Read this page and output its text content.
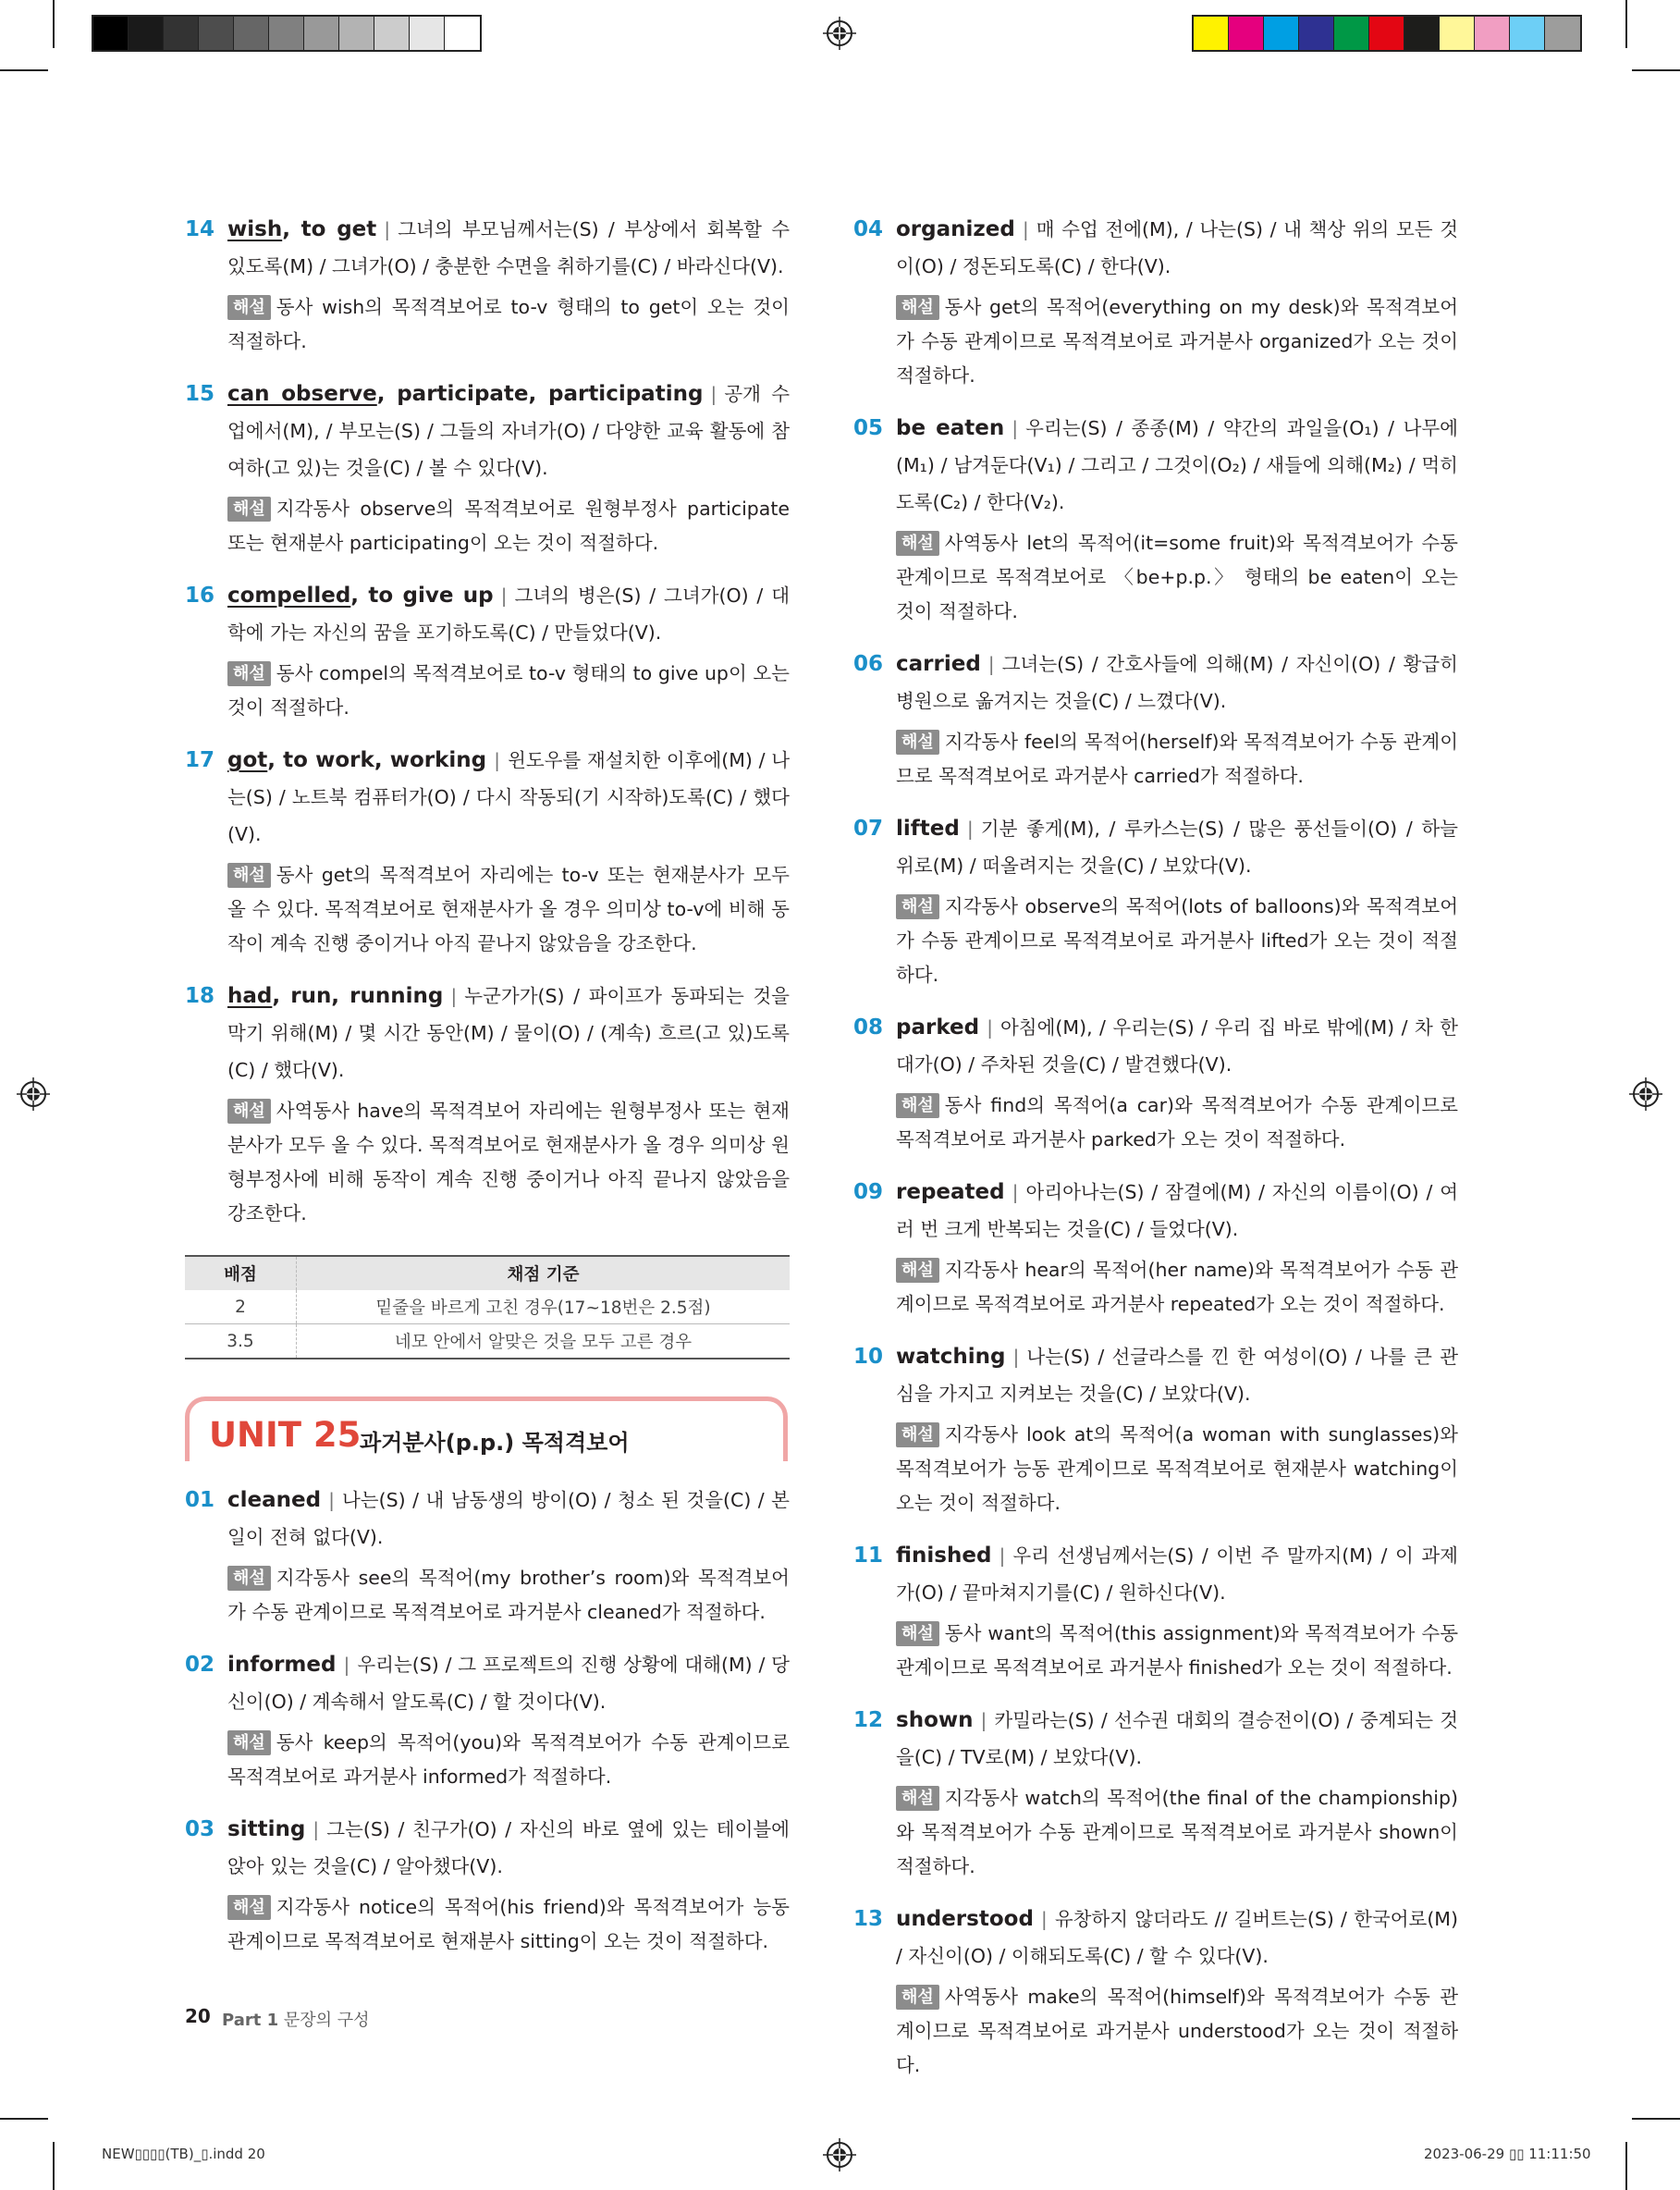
14 wish, to get | 그녀의 부모님께서는(S) / 부상에서 회복할 수 있도록(M) / 그녀가(O) / 충분한 수면을 취하기를(C) / 바라신다(V).
해설 동사 wish의 목적격보어로 to-v 형태의 to get이 오는 것이 적절하다.
15 can observe, participate, participating | 공개 수업에서(M), / 부모는(S) / 그들의 자녀가(O) / 다양한 교육 활동에 참여하(고 있)는 것을(C) / 볼 수 있다(V).
해설 지각동사 observe의 목적격보어로 원형부정사 participate 또는 현재분사 participating이 오는 것이 적절하다.
16 compelled, to give up | 그녀의 병은(S) / 그녀가(O) / 대학에 가는 자신의 꿈을 포기하도록(C) / 만들었다(V).
해설 동사 compel의 목적격보어로 to-v 형태의 to give up이 오는 것이 적절하다.
17 got, to work, working | 윈도우를 재설치한 이후에(M) / 나는(S) / 노트북 컴퓨터가(O) / 다시 작동되(기 시작하)도록(C) / 했다(V).
해설 동사 get의 목적격보어 자리에는 to-v 또는 현재분사가 모두 올 수 있다. 목적격보어로 현재분사가 올 경우 의미상 to-v에 비해 동작이 계속 진행 중이거나 아직 끝나지 않았음을 강조한다.
18 had, run, running | 누군가가(S) / 파이프가 동파되는 것을 막기 위해(M) / 몇 시간 동안(M) / 물이(O) / (계속) 흐르(고 있)도록(C) / 했다(V).
해설 사역동사 have의 목적격보어 자리에는 원형부정사 또는 현재분사가 모두 올 수 있다. 목적격보어로 현재분사가 올 경우 의미상 원형부정사에 비해 동작이 계속 진행 중이거나 아직 끝나지 않았음을 강조한다.
배점	채점 기준
2	밑줄을 바르게 고친 경우(17~18번은 2.5점)
3.5	네모 안에서 알맞은 것을 모두 고른 경우
UNIT 25
과거분사(p.p.) 목적격보어
01 cleaned | 나는(S) / 내 남동생의 방이(O) / 청소 된 것을(C) / 본 일이 전혀 없다(V).
해설 지각동사 see의 목적어(my brother’s room)와 목적격보어가 수동 관계이므로 목적격보어로 과거분사 cleaned가 적절하다.
02 informed | 우리는(S) / 그 프로젝트의 진행 상황에 대해(M) / 당신이(O) / 계속해서 알도록(C) / 할 것이다(V).
해설 동사 keep의 목적어(you)와 목적격보어가 수동 관계이므로 목적격보어로 과거분사 informed가 적절하다.
03 sitting | 그는(S) / 친구가(O) / 자신의 바로 옆에 있는 테이블에 앉아 있는 것을(C) / 알아챘다(V).
해설 지각동사 notice의 목적어(his friend)와 목적격보어가 능동 관계이므로 목적격보어로 현재분사 sitting이 오는 것이 적절하다.
04 organized | 매 수업 전에(M), / 나는(S) / 내 책상 위의 모든 것이(O) / 정돈되도록(C) / 한다(V).
해설 동사 get의 목적어(everything on my desk)와 목적격보어가 수동 관계이므로 목적격보어로 과거분사 organized가 오는 것이 적절하다.
05 be eaten | 우리는(S) / 종종(M) / 약간의 과일을(O₁) / 나무에(M₁) / 남겨둔다(V₁) / 그리고 / 그것이(O₂) / 새들에 의해(M₂) / 먹히도록(C₂) / 한다(V₂).
해설 사역동사 let의 목적어(it=some fruit)와 목적격보어가 수동 관계이므로 목적격보어로 〈be+p.p.〉 형태의 be eaten이 오는 것이 적절하다.
06 carried | 그녀는(S) / 간호사들에 의해(M) / 자신이(O) / 황급히 병원으로 옮겨지는 것을(C) / 느꼈다(V).
해설 지각동사 feel의 목적어(herself)와 목적격보어가 수동 관계이므로 목적격보어로 과거분사 carried가 적절하다.
07 lifted | 기분 좋게(M), / 루카스는(S) / 많은 풍선들이(O) / 하늘 위로(M) / 떠올려지는 것을(C) / 보았다(V).
해설 지각동사 observe의 목적어(lots of balloons)와 목적격보어가 수동 관계이므로 목적격보어로 과거분사 lifted가 오는 것이 적절하다.
08 parked | 아침에(M), / 우리는(S) / 우리 집 바로 밖에(M) / 차 한 대가(O) / 주차된 것을(C) / 발견했다(V).
해설 동사 find의 목적어(a car)와 목적격보어가 수동 관계이므로 목적격보어로 과거분사 parked가 오는 것이 적절하다.
09 repeated | 아리아나는(S) / 잠결에(M) / 자신의 이름이(O) / 여러 번 크게 반복되는 것을(C) / 들었다(V).
해설 지각동사 hear의 목적어(her name)와 목적격보어가 수동 관계이므로 목적격보어로 과거분사 repeated가 오는 것이 적절하다.
10 watching | 나는(S) / 선글라스를 낀 한 여성이(O) / 나를 큰 관심을 가지고 지켜보는 것을(C) / 보았다(V).
해설 지각동사 look at의 목적어(a woman with sunglasses)와 목적격보어가 능동 관계이므로 목적격보어로 현재분사 watching이 오는 것이 적절하다.
11 finished | 우리 선생님께서는(S) / 이번 주 말까지(M) / 이 과제가(O) / 끝마쳐지기를(C) / 원하신다(V).
해설 동사 want의 목적어(this assignment)와 목적격보어가 수동 관계이므로 목적격보어로 과거분사 finished가 오는 것이 적절하다.
12 shown | 카밀라는(S) / 선수권 대회의 결승전이(O) / 중계되는 것을(C) / TV로(M) / 보았다(V).
해설 지각동사 watch의 목적어(the final of the championship)와 목적격보어가 수동 관계이므로 목적격보어로 과거분사 shown이 적절하다.
13 understood | 유창하지 않더라도 // 길버트는(S) / 한국어로(M) / 자신이(O) / 이해되도록(C) / 할 수 있다(V).
해설 사역동사 make의 목적어(himself)와 목적격보어가 수동 관계이므로 목적격보어로 과거분사 understood가 오는 것이 적절하다.
20 Part 1 문장의 구성
NEW▯▯▯▯(TB)_▯.indd 20	2023-06-29 ▯▯ 11:11:50
